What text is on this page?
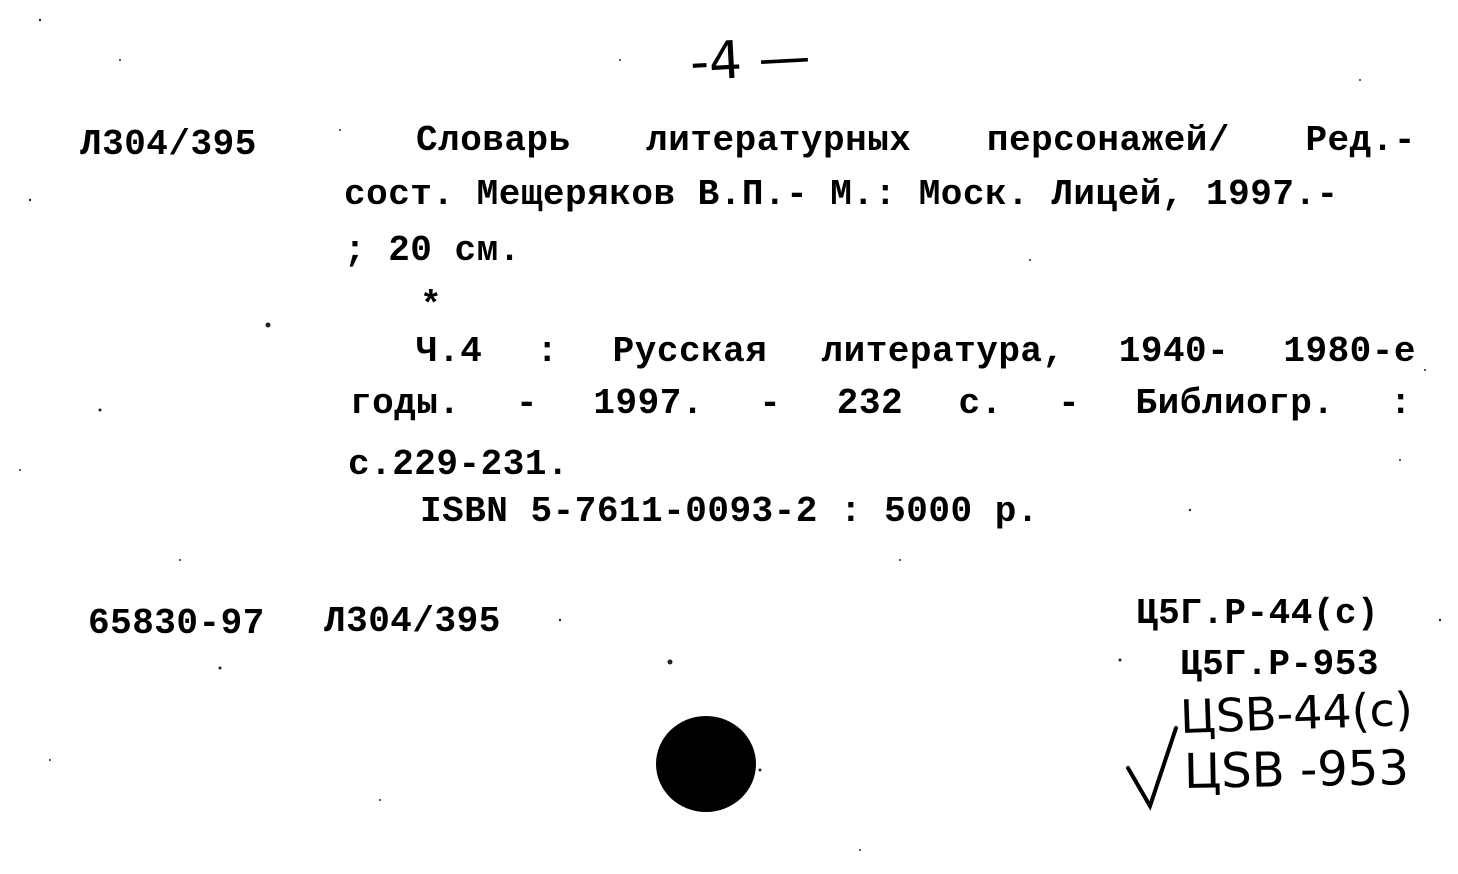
-4 —
Л304/395	Словарь литературных персонажей/ Ред.-
сост. Мещеряков В.П.- М.: Моск. Лицей, 1997.-
; 20 см.
*
Ч.4 : Русская литература, 1940- 1980-е
годы. - 1997. - 232 с. - Библиогр. :
с.229-231.
ISBN 5-7611-0093-2 : 5000 р.
65830-97 Л304/395	Ц5Г.Р-44(с)
Ц5Г.Р-953
ЦSB-44(с)
ЦSB -953
